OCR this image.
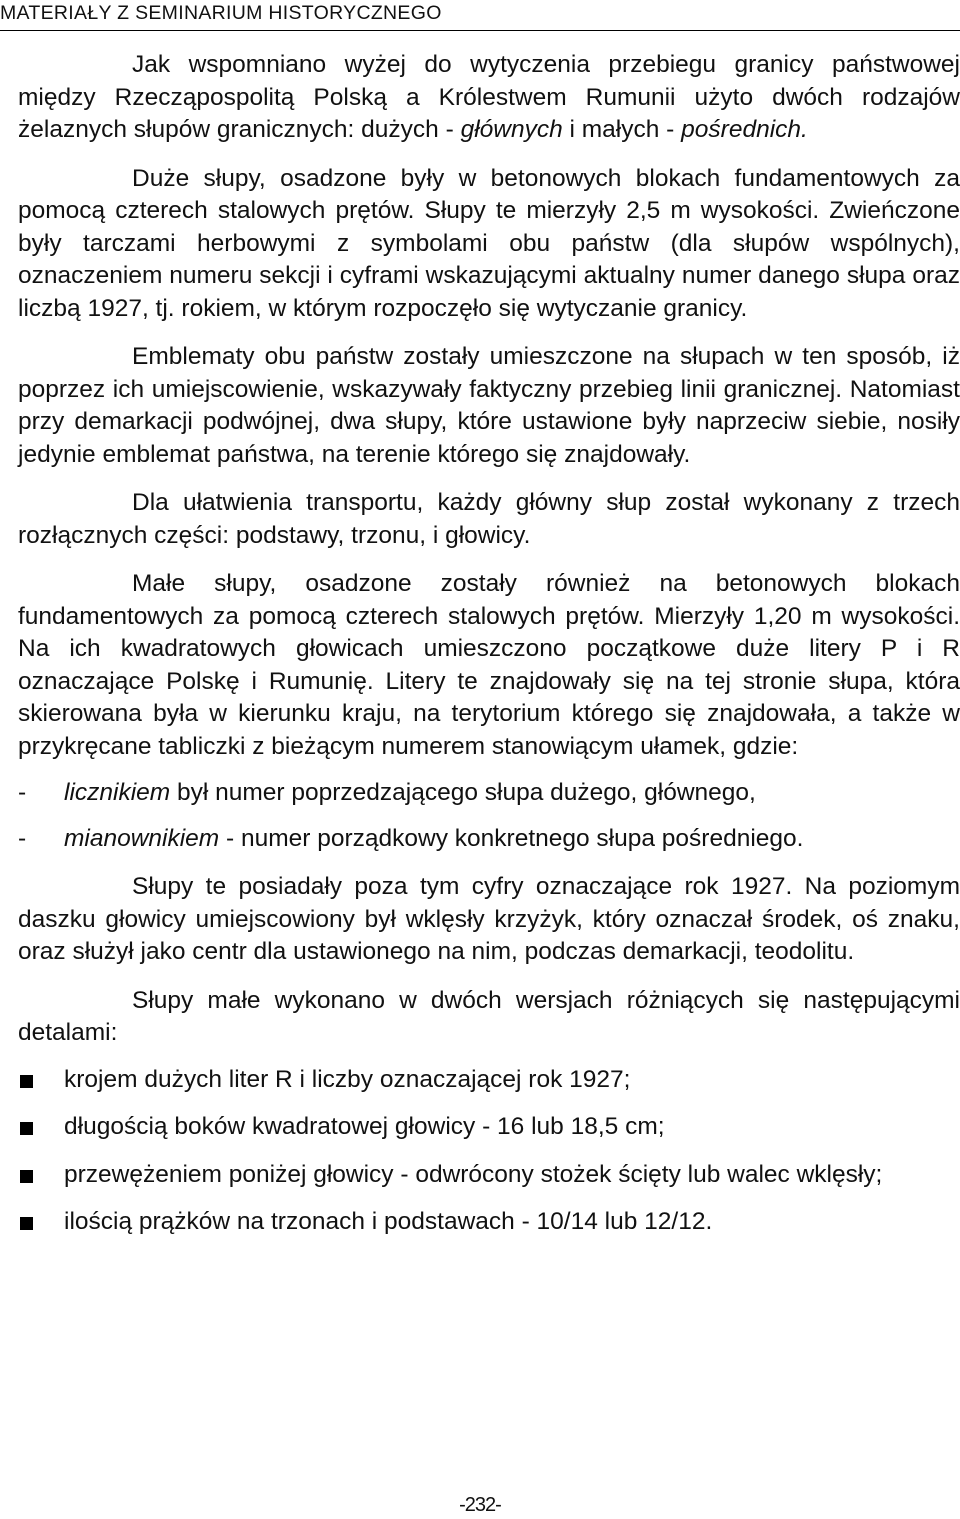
MATERIAŁY Z SEMINARIUM HISTORYCZNEGO

Jak wspomniano wyżej do wytyczenia przebiegu granicy państwowej między Rzecząpospolitą Polską a Królestwem Rumunii użyto dwóch rodzajów żelaznych słupów granicznych: dużych - głównych i małych - pośrednich.

Duże słupy, osadzone były w betonowych blokach fundamentowych za pomocą czterech stalowych prętów. Słupy te mierzyły 2,5 m wysokości. Zwieńczone były tarczami herbowymi z symbolami obu państw (dla słupów wspólnych), oznaczeniem numeru sekcji i cyframi wskazującymi aktualny numer danego słupa oraz liczbą 1927, tj. rokiem, w którym rozpoczęło się wytyczanie granicy.

Emblematy obu państw zostały umieszczone na słupach w ten sposób, iż poprzez ich umiejscowienie, wskazywały faktyczny przebieg linii granicznej. Natomiast przy demarkacji podwójnej, dwa słupy, które ustawione były naprzeciw siebie, nosiły jedynie emblemat państwa, na terenie którego się znajdowały.

Dla ułatwienia transportu, każdy główny słup został wykonany z trzech rozłącznych części: podstawy, trzonu, i głowicy.

Małe słupy, osadzone zostały również na betonowych blokach fundamentowych za pomocą czterech stalowych prętów. Mierzyły 1,20 m wysokości. Na ich kwadratowych głowicach umieszczono początkowe duże litery P i R oznaczające Polskę i Rumunię. Litery te znajdowały się na tej stronie słupa, która skierowana była w kierunku kraju, na terytorium którego się znajdowała, a także w przykręcane tabliczki z bieżącym numerem stanowiącym ułamek, gdzie:

-	licznikiem był numer poprzedzającego słupa dużego, głównego,
-	mianownikiem - numer porządkowy konkretnego słupa pośredniego.

Słupy te posiadały poza tym cyfry oznaczające rok 1927. Na poziomym daszku głowicy umiejscowiony był wklęsły krzyżyk, który oznaczał środek, oś znaku, oraz służył jako centr dla ustawionego na nim, podczas demarkacji, teodolitu.

Słupy małe wykonano w dwóch wersjach różniących się następującymi detalami:

krojem dużych liter R i liczby oznaczającej rok 1927;
długością boków kwadratowej głowicy - 16 lub 18,5 cm;
przewężeniem poniżej głowicy - odwrócony stożek ścięty lub walec wklęsły;
ilością prążków na trzonach i podstawach - 10/14 lub 12/12.
-232-
